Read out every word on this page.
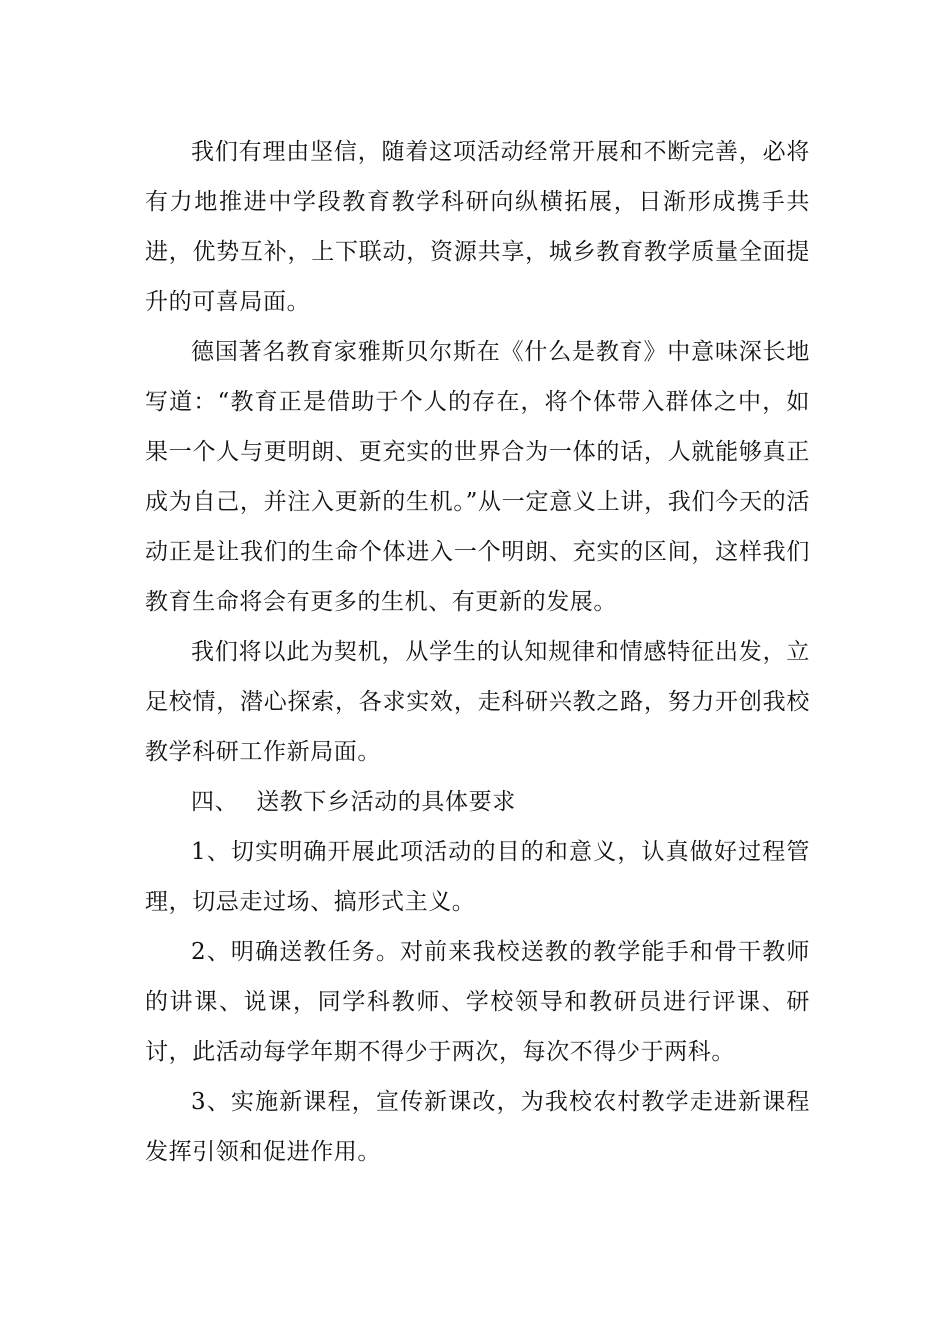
我们有理由坚信，随着这项活动经常开展和不断完善，必将有力地推进中学段教育教学科研向纵横拓展，日渐形成携手共进，优势互补，上下联动，资源共享，城乡教育教学质量全面提升的可喜局面。

德国著名教育家雅斯贝尔斯在《什么是教育》中意味深长地写道：“教育正是借助于个人的存在，将个体带入群体之中，如果一个人与更明朗、更充实的世界合为一体的话，人就能够真正成为自己，并注入更新的生机。”从一定意义上讲，我们今天的活动正是让我们的生命个体进入一个明朗、充实的区间，这样我们教育生命将会有更多的生机、有更新的发展。

我们将以此为契机，从学生的认知规律和情感特征出发，立足校情，潜心探索，各求实效，走科研兴教之路，努力开创我校教学科研工作新局面。

四、 送教下乡活动的具体要求

1、切实明确开展此项活动的目的和意义，认真做好过程管理，切忌走过场、搞形式主义。

2、明确送教任务。对前来我校送教的教学能手和骨干教师的讲课、说课，同学科教师、学校领导和教研员进行评课、研讨，此活动每学年期不得少于两次，每次不得少于两科。

3、实施新课程，宣传新课改，为我校农村教学走进新课程发挥引领和促进作用。
